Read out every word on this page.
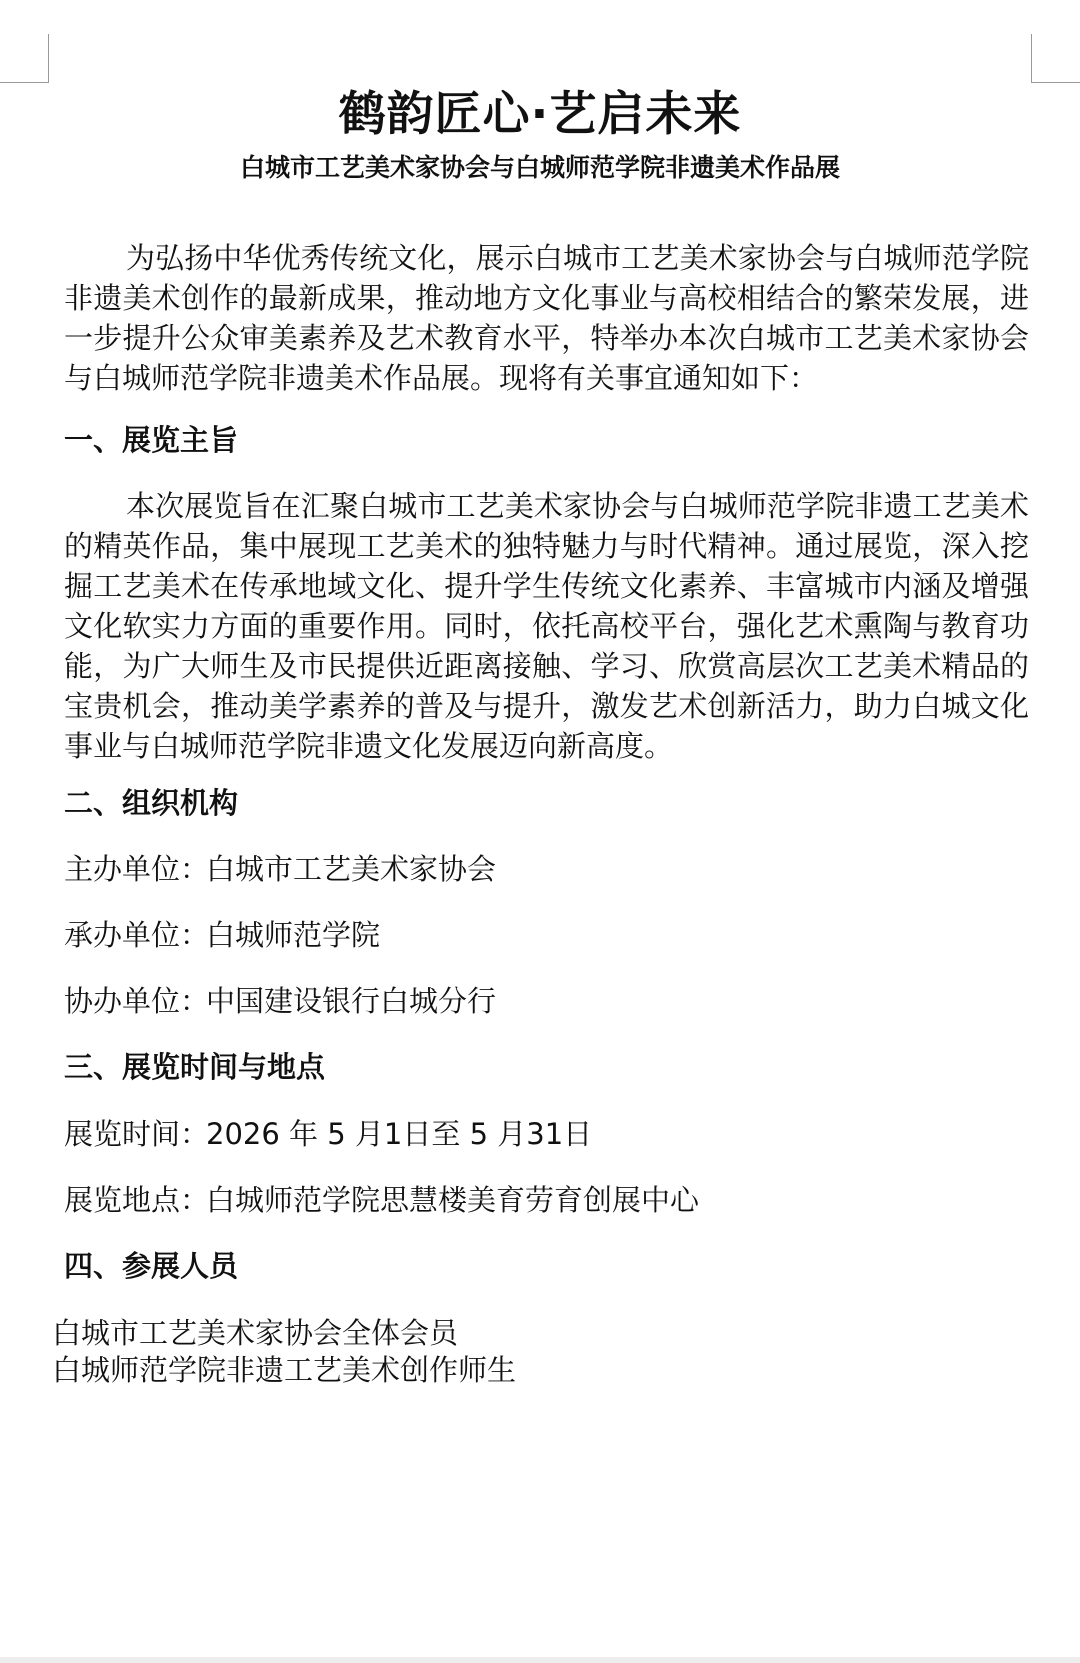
鹤韵匠心·艺启未来
白城市工艺美术家协会与白城师范学院非遗美术作品展

为弘扬中华优秀传统文化，展示白城市工艺美术家协会与白城师范学院非遗美术创作的最新成果，推动地方文化事业与高校相结合的繁荣发展，进一步提升公众审美素养及艺术教育水平，特举办本次白城市工艺美术家协会与白城师范学院非遗美术作品展。现将有关事宜通知如下：

一、展览主旨

本次展览旨在汇聚白城市工艺美术家协会与白城师范学院非遗工艺美术的精英作品，集中展现工艺美术的独特魅力与时代精神。通过展览，深入挖掘工艺美术在传承地域文化、提升学生传统文化素养、丰富城市内涵及增强文化软实力方面的重要作用。同时，依托高校平台，强化艺术熏陶与教育功能，为广大师生及市民提供近距离接触、学习、欣赏高层次工艺美术精品的宝贵机会，推动美学素养的普及与提升，激发艺术创新活力，助力白城文化事业与白城师范学院非遗文化发展迈向新高度。

二、组织机构
主办单位：白城市工艺美术家协会
承办单位：白城师范学院
协办单位：中国建设银行白城分行
三、展览时间与地点
展览时间：2026 年 5 月1日至 5 月31日
展览地点：白城师范学院思慧楼美育劳育创展中心
四、参展人员
白城市工艺美术家协会全体会员
白城师范学院非遗工艺美术创作师生
